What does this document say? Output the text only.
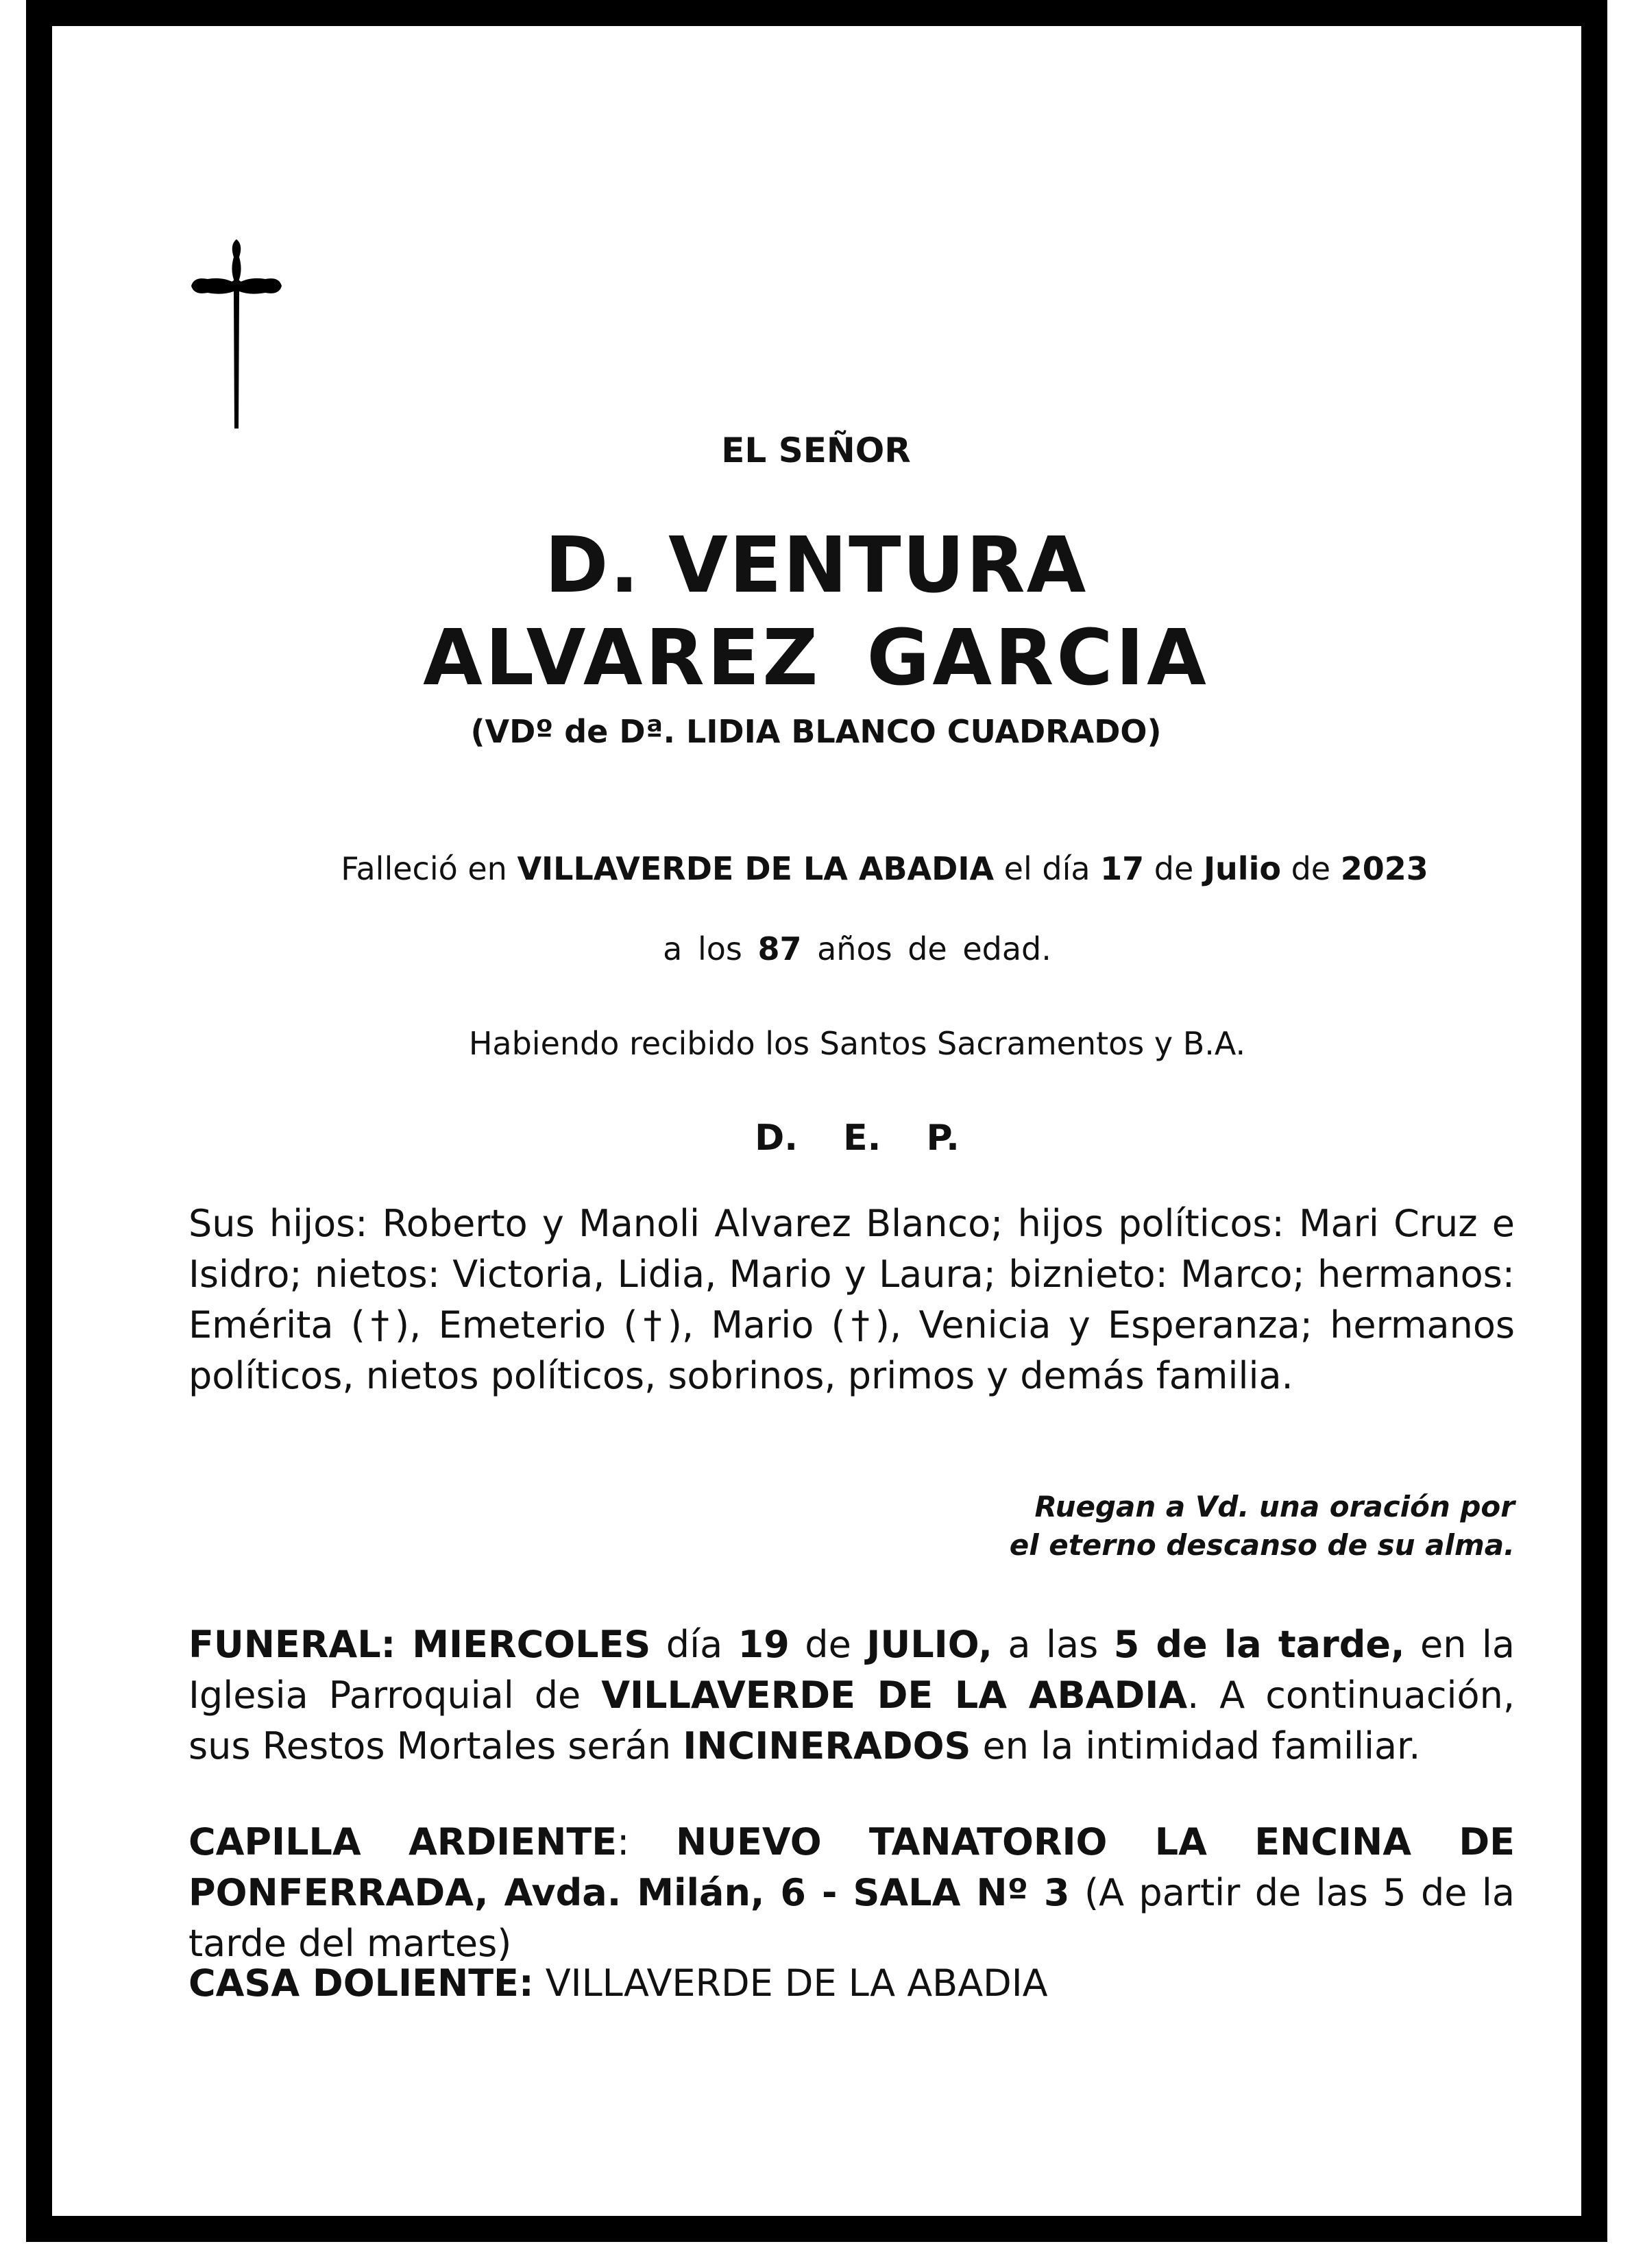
EL SEÑOR
D. VENTURA
ALVAREZ GARCIA
(VDº de Dª. LIDIA BLANCO CUADRADO)
Falleció en VILLAVERDE DE LA ABADIA el día 17 de Julio de 2023
a los 87 años de edad.
Habiendo recibido los Santos Sacramentos y B.A.
D. E. P.
Sus hijos: Roberto y Manoli Alvarez Blanco; hijos políticos: Mari Cruz e Isidro; nietos: Victoria, Lidia, Mario y Laura; biznieto: Marco; hermanos: Emérita (†), Emeterio (†), Mario (†), Venicia y Esperanza; hermanos políticos, nietos políticos, sobrinos, primos y demás familia.
Ruegan a Vd. una oración por
el eterno descanso de su alma.
FUNERAL: MIERCOLES día 19 de JULIO, a las 5 de la tarde, en la Iglesia Parroquial de VILLAVERDE DE LA ABADIA. A continuación, sus Restos Mortales serán INCINERADOS en la intimidad familiar.
CAPILLA ARDIENTE: NUEVO TANATORIO LA ENCINA DE PONFERRADA, Avda. Milán, 6 - SALA Nº 3 (A partir de las 5 de la tarde del martes)
CASA DOLIENTE: VILLAVERDE DE LA ABADIA
